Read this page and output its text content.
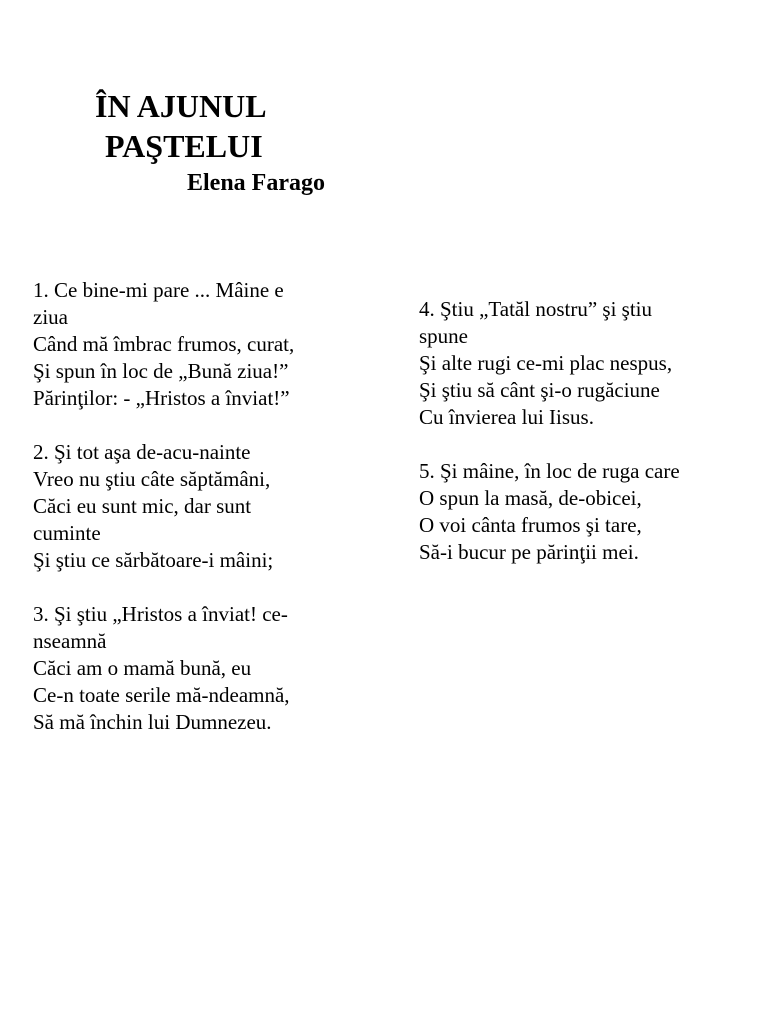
ÎN AJUNUL
PAŞTELUI
Elena Farago
1. Ce bine-mi pare ... Mâine e
ziua
Când mă îmbrac frumos, curat,
Şi spun în loc de „Bună ziua!”
Părinţilor: - „Hristos a înviat!”
2. Şi tot aşa de-acu-nainte
Vreo nu ştiu câte săptămâni,
Căci eu sunt mic, dar sunt
cuminte
Şi ştiu ce sărbătoare-i mâini;
3. Şi ştiu „Hristos a înviat! ce-
nseamnă
Căci am o mamă bună, eu
Ce-n toate serile mă-ndeamnă,
Să mă închin lui Dumnezeu.
4. Ştiu „Tatăl nostru” şi ştiu
spune
Şi alte rugi ce-mi plac nespus,
Şi ştiu să cânt şi-o rugăciune
Cu învierea lui Iisus.
5. Şi mâine, în loc de ruga care
O spun la masă, de-obicei,
O voi cânta frumos şi tare,
Să-i bucur pe părinţii mei.
